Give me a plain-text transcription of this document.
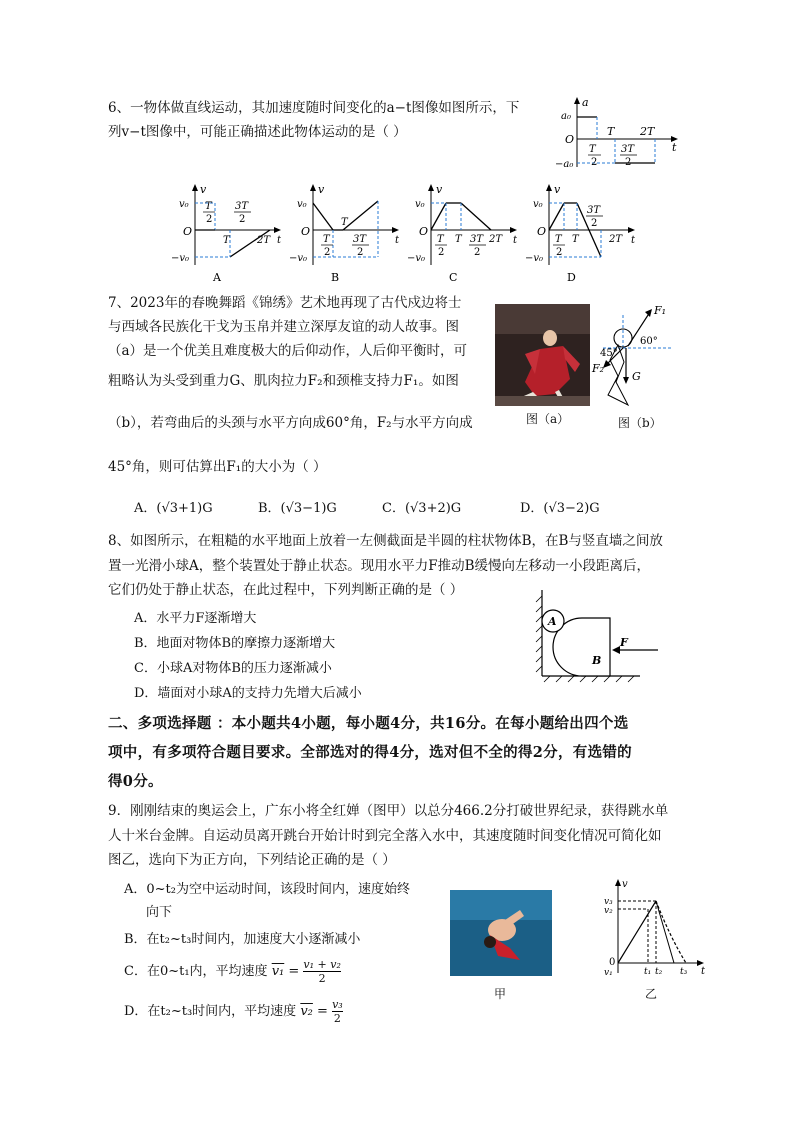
6、一物体做直线运动，其加速度随时间变化的a−t图像如图所示，下
列v−t图像中，可能正确描述此物体运动的是（ ）
a
a₀
O
T 2T
t
T
2
3T
2
−a₀
v
v₀
O
T
2
3T
2
T	2T t
−v₀
A
v
v₀
O
T
T
2
3T
2
t
−v₀
B
v
v₀
O
T
2
T 3T
2
2T t
−v₀
C
v
v₀
O
T
2
T
3T
2
2T t
−v₀
D
7、2023年的春晚舞蹈《锦绣》艺术地再现了古代戍边将士
与西域各民族化干戈为玉帛并建立深厚友谊的动人故事。图
（a）是一个优美且难度极大的后仰动作，人后仰平衡时，可
粗略认为头受到重力G、肌肉拉力F₂和颈椎支持力F₁。如图
（b），若弯曲后的头颈与水平方向成60°角，F₂与水平方向成
45°角，则可估算出F₁的大小为（ ）
图（a）
F₁
60°
45°
F₂
G
图（b）
A．(√3+1)G	B．(√3−1)G	C．(√3+2)G	D．(√3−2)G
8、如图所示，在粗糙的水平地面上放着一左侧截面是半圆的柱状物体B，在B与竖直墙之间放
置一光滑小球A，整个装置处于静止状态。现用水平力F推动B缓慢向左移动一小段距离后，
它们仍处于静止状态，在此过程中，下列判断正确的是（ ）
A．水平力F逐渐增大
B．地面对物体B的摩擦力逐渐增大
C．小球A对物体B的压力逐渐减小
D．墙面对小球A的支持力先增大后减小
A
B
F
二、多项选择题 ：本小题共4小题，每小题4分，共16分。在每小题给出四个选
项中，有多项符合题目要求。全部选对的得4分，选对但不全的得2分，有选错的
得0分。
9．刚刚结束的奥运会上，广东小将全红婵（图甲）以总分466.2分打破世界纪录，获得跳水单
人十米台金牌。自运动员离开跳台开始计时到完全落入水中，其速度随时间变化情况可简化如
图乙，选向下为正方向，下列结论正确的是（ ）
A．0~t₂为空中运动时间，该段时间内，速度始终
向下
B．在t₂~t₃时间内，加速度大小逐渐减小
C．在0~t₁内，平均速度 $v_1 = \frac{\text{v₁ + v₂}}{2}$
D．在t₂~t₃时间内，平均速度 $v_2 = \frac{\text{v₃}}{2}$
甲
v
v₃
v₂
0
v₁	t₁ t₂ t₃ t
乙
